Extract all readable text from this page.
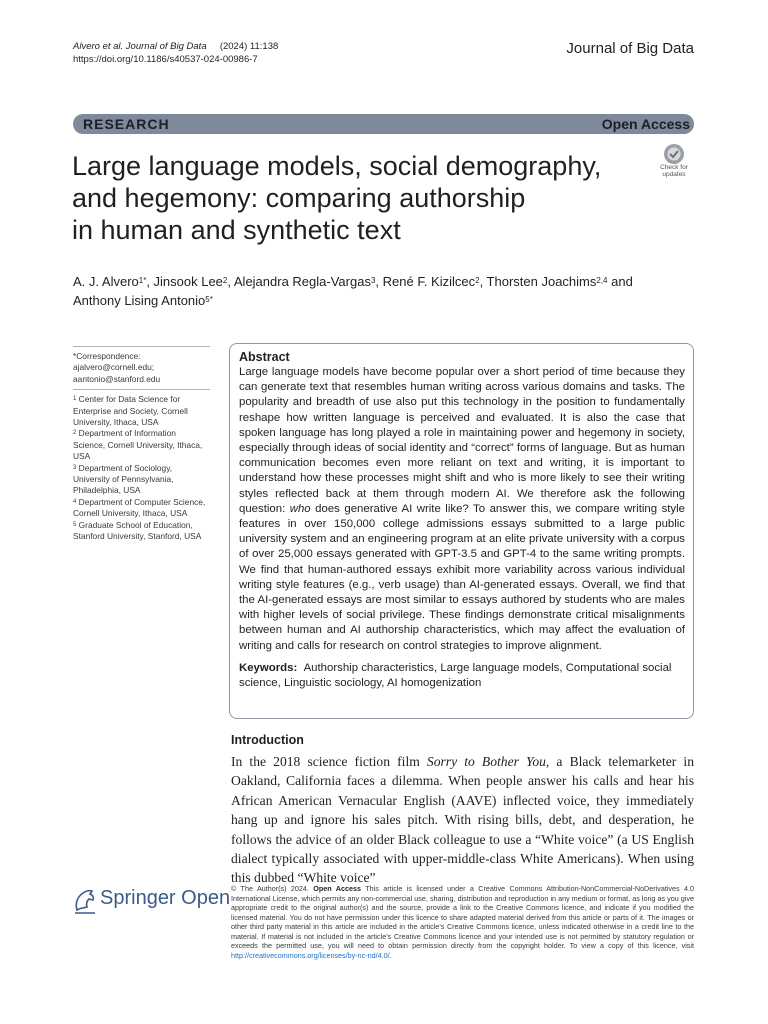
Alvero et al. Journal of Big Data (2024) 11:138
https://doi.org/10.1186/s40537-024-00986-7
Journal of Big Data
RESEARCH	Open Access
Large language models, social demography,
and hegemony: comparing authorship
in human and synthetic text
Check for
updates
A. J. Alvero$^{1*}$, Jinsook Lee$^2$, Alejandra Regla‑Vargas$^3$, René F. Kizilcec$^2$, Thorsten Joachims$^{2,4}$ and
Anthony Lising Antonio$^{5*}$

*Correspondence:

ajalvero@cornell.edu;

aantonio@stanford.edu

$^1$ Center for Data Science for Enterprise and Society, Cornell University, Ithaca, USA

$^2$ Department of Information Science, Cornell University, Ithaca, USA

$^3$ Department of Sociology, University of Pennsylvania, Philadelphia, USA

$^4$ Department of Computer Science, Cornell University, Ithaca, USA

$^5$ Graduate School of Education, Stanford University, Stanford, USA

Abstract
Large language models have become popular over a short period of time because they can generate text that resembles human writing across various domains and tasks. The popularity and breadth of use also put this technology in the position to fundamentally reshape how written language is perceived and evaluated. It is also the case that spoken language has long played a role in maintaining power and hegemony in society, especially through ideas of social identity and “correct” forms of language. But as human communication becomes even more reliant on text and writing, it is important to understand how these processes might shift and who is more likely to see their writing styles reflected back at them through modern AI. We therefore ask the following question: who does generative AI write like? To answer this, we compare writing style features in over 150,000 college admissions essays submitted to a large public university system and an engineering program at an elite private university with a corpus of over 25,000 essays generated with GPT-3.5 and GPT-4 to the same writing prompts. We find that human-authored essays exhibit more variability across various individual writing style features (e.g., verb usage) than AI-generated essays. Overall, we find that the AI-generated essays are most similar to essays authored by students who are males with higher levels of social privilege. These findings demonstrate critical misalignments between human and AI authorship characteristics, which may affect the evaluation of writing and calls for research on control strategies to improve alignment.
Keywords: Authorship characteristics, Large language models, Computational social science, Linguistic sociology, AI homogenization
Introduction
In the 2018 science fiction film Sorry to Bother You, a Black telemarketer in Oakland, California faces a dilemma. When people answer his calls and hear his African American Vernacular English (AAVE) inflected voice, they immediately hang up and ignore his sales pitch. With rising bills, debt, and desperation, he follows the advice of an older Black colleague to use a “White voice” (a US English dialect typically associated with upper-middle-class White Americans). When using this dubbed “White voice”
Springer Open © The Author(s) 2024. Open Access This article is licensed under a Creative Commons Attribution-NonCommercial-NoDerivatives 4.0 International License, which permits any non-commercial use, sharing, distribution and reproduction in any medium or format, as long as you give appropriate credit to the original author(s) and the source, provide a link to the Creative Commons licence, and indicate if you modified the licensed material. You do not have permission under this licence to share adapted material derived from this article or parts of it. The images or other third party material in this article are included in the article’s Creative Commons licence, unless indicated otherwise in a credit line to the material. If material is not included in the article’s Creative Commons licence and your intended use is not permitted by statutory regulation or exceeds the permitted use, you will need to obtain permission directly from the copyright holder. To view a copy of this licence, visit http://creativecommons.org/licenses/by-nc-nd/4.0/.
